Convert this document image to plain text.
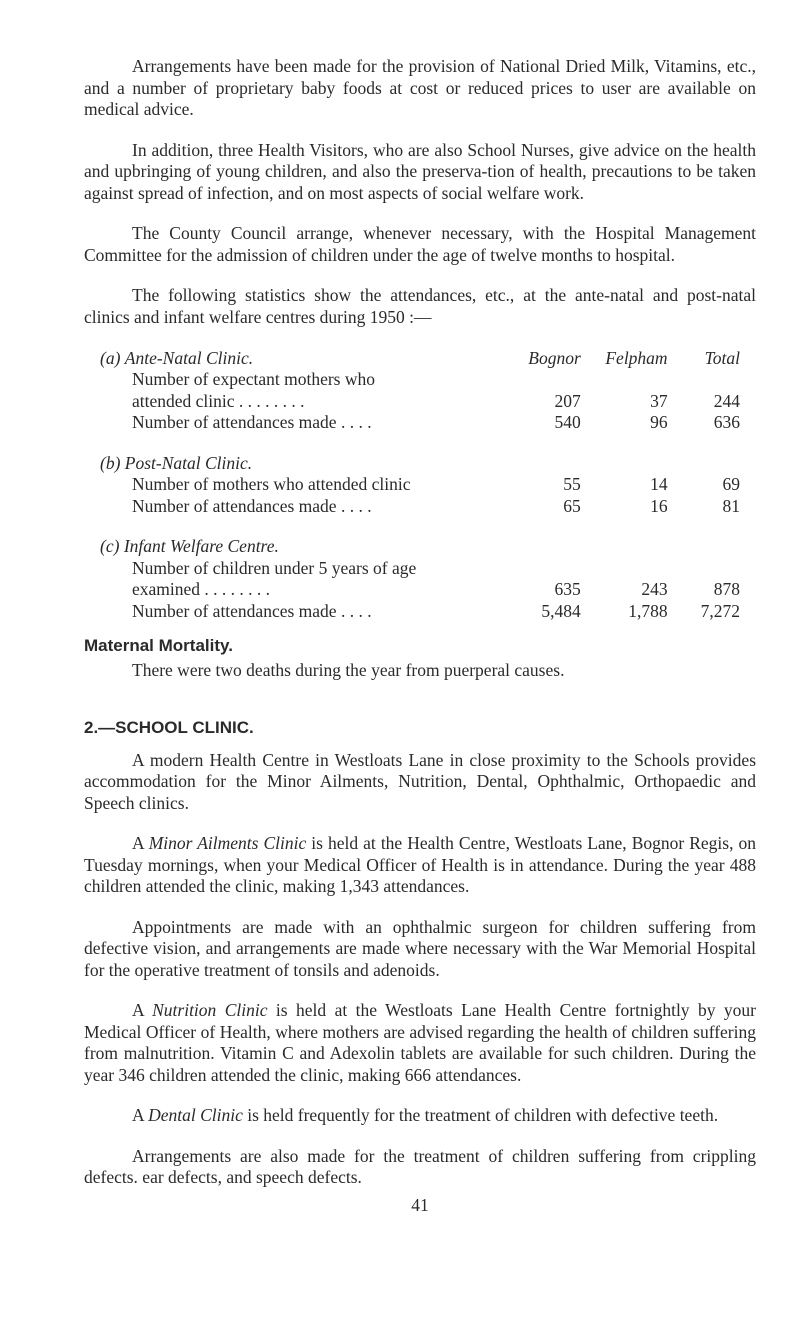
Arrangements have been made for the provision of National Dried Milk, Vitamins, etc., and a number of proprietary baby foods at cost or reduced prices to user are available on medical advice.

In addition, three Health Visitors, who are also School Nurses, give advice on the health and upbringing of young children, and also the preserva-tion of health, precautions to be taken against spread of infection, and on most aspects of social welfare work.

The County Council arrange, whenever necessary, with the Hospital Management Committee for the admission of children under the age of twelve months to hospital.

The following statistics show the attendances, etc., at the ante-natal and post-natal clinics and infant welfare centres during 1950 :—

(a) Ante-Natal Clinic.	Bognor	Felpham	Total
Number of expectant mothers who			
attended clinic . . . . . . . .	207	37	244
Number of attendances made . . . .	540	96	636

(b) Post-Natal Clinic.			
Number of mothers who attended clinic	55	14	69
Number of attendances made . . . .	65	16	81

(c) Infant Welfare Centre.			
Number of children under 5 years of age			
examined . . . . . . . .	635	243	878
Number of attendances made . . . .	5,484	1,788	7,272
Maternal Mortality.

There were two deaths during the year from puerperal causes.

2.—SCHOOL CLINIC.

A modern Health Centre in Westloats Lane in close proximity to the Schools provides accommodation for the Minor Ailments, Nutrition, Dental, Ophthalmic, Orthopaedic and Speech clinics.

A Minor Ailments Clinic is held at the Health Centre, Westloats Lane, Bognor Regis, on Tuesday mornings, when your Medical Officer of Health is in attendance. During the year 488 children attended the clinic, making 1,343 attendances.

Appointments are made with an ophthalmic surgeon for children suffering from defective vision, and arrangements are made where necessary with the War Memorial Hospital for the operative treatment of tonsils and adenoids.

A Nutrition Clinic is held at the Westloats Lane Health Centre fortnightly by your Medical Officer of Health, where mothers are advised regarding the health of children suffering from malnutrition. Vitamin C and Adexolin tablets are available for such children. During the year 346 children attended the clinic, making 666 attendances.

A Dental Clinic is held frequently for the treatment of children with defective teeth.

Arrangements are also made for the treatment of children suffering from crippling defects. ear defects, and speech defects.

41
